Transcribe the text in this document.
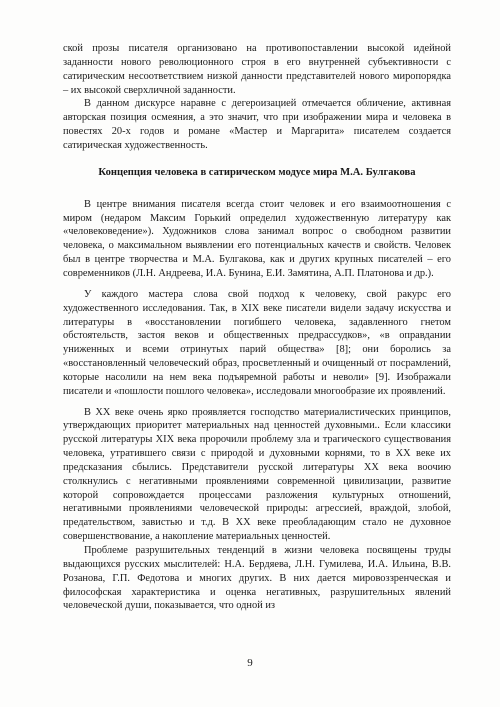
ской прозы писателя организовано на противопоставлении высокой идейной заданности нового революционного строя в его внутренней субъективности с сатирическим несоответствием низкой данности представителей нового миропорядка – их высокой сверхличной заданности.

В данном дискурсе наравне с дегероизацией отмечается обличение, активная авторская позиция осмеяния, а это значит, что при изображении мира и человека в повестях 20-х годов и романе «Мастер и Маргарита» писателем создается сатирическая художественность.

Концепция человека в сатирическом модусе мира М.А. Булгакова

В центре внимания писателя всегда стоит человек и его взаимоотношения с миром (недаром Максим Горький определил художественную литературу как «человековедение»). Художников слова занимал вопрос о свободном развитии человека, о максимальном выявлении его потенциальных качеств и свойств. Человек был в центре творчества и М.А. Булгакова, как и других крупных писателей – его современников (Л.Н. Андреева, И.А. Бунина, Е.И. Замятина, А.П. Платонова и др.).

У каждого мастера слова свой подход к человеку, свой ракурс его художественного исследования. Так, в XIX веке писатели видели задачу искусства и литературы в «восстановлении погибшего человека, задавленного гнетом обстоятельств, застоя веков и общественных предрассудков», «в оправдании униженных и всеми отринутых парий общества» [8]; они боролись за «восстановленный человеческий образ, просветленный и очищенный от посрамлений, которые насолили на нем века подъяремной работы и неволи» [9]. Изображали писатели и «пошлости пошлого человека», исследовали многообразие их проявлений.

В XX веке очень ярко проявляется господство материалистических принципов, утверждающих приоритет материальных над ценностей духовными.. Если классики русской литературы XIX века пророчили проблему зла и трагического существования человека, утратившего связи с природой и духовными корнями, то в XX веке их предсказания сбылись. Представители русской литературы XX века воочию столкнулись с негативными проявлениями современной цивилизации, развитие которой сопровождается процессами разложения культурных отношений, негативными проявлениями человеческой природы: агрессией, враждой, злобой, предательством, завистью и т.д. В XX веке преобладающим стало не духовное совершенствование, а накопление материальных ценностей.

Проблеме разрушительных тенденций в жизни человека посвящены труды выдающихся русских мыслителей: Н.А. Бердяева, Л.Н. Гумилева, И.А. Ильина, В.В. Розанова, Г.П. Федотова и многих других. В них дается мировоззренческая и философская характеристика и оценка негативных, разрушительных явлений человеческой души, показывается, что одной из

9
